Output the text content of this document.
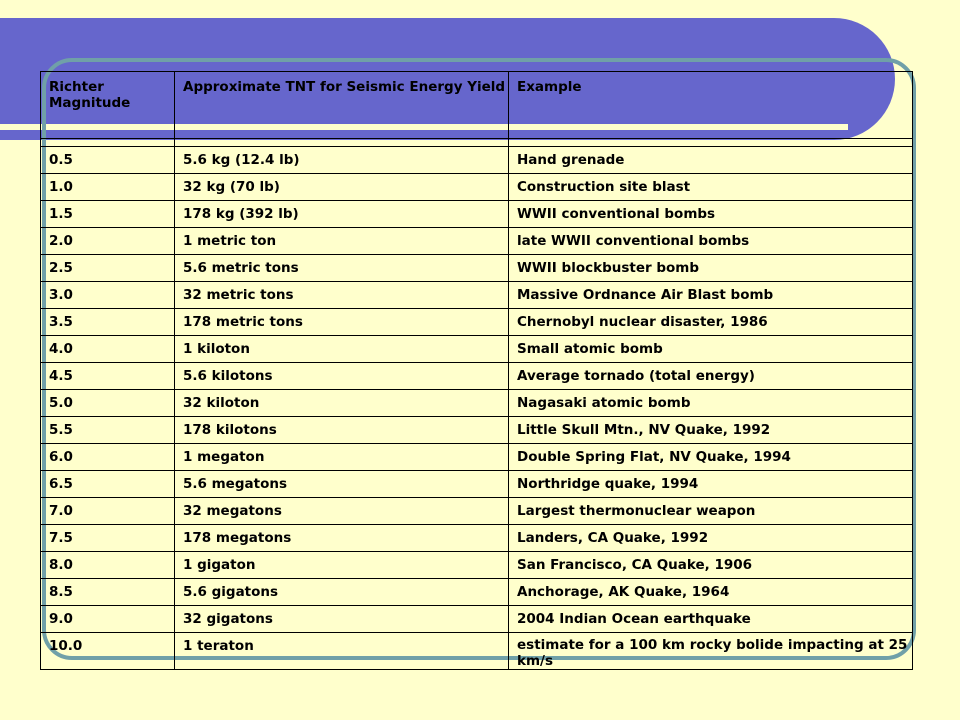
Richter Magnitude	Approximate TNT for Seismic Energy Yield	Example

0.5	5.6 kg (12.4 lb)	Hand grenade
1.0	32 kg (70 lb)	Construction site blast
1.5	178 kg (392 lb)	WWII conventional bombs
2.0	1 metric ton	late WWII conventional bombs
2.5	5.6 metric tons	WWII blockbuster bomb
3.0	32 metric tons	Massive Ordnance Air Blast bomb
3.5	178 metric tons	Chernobyl nuclear disaster, 1986
4.0	1 kiloton	Small atomic bomb
4.5	5.6 kilotons	Average tornado (total energy)
5.0	32 kiloton	Nagasaki atomic bomb
5.5	178 kilotons	Little Skull Mtn., NV Quake, 1992
6.0	1 megaton	Double Spring Flat, NV Quake, 1994
6.5	5.6 megatons	Northridge quake, 1994
7.0	32 megatons	Largest thermonuclear weapon
7.5	178 megatons	Landers, CA Quake, 1992
8.0	1 gigaton	San Francisco, CA Quake, 1906
8.5	5.6 gigatons	Anchorage, AK Quake, 1964
9.0	32 gigatons	2004 Indian Ocean earthquake
10.0	1 teraton	estimate for a 100 km rocky bolide impacting at 25 km/s
